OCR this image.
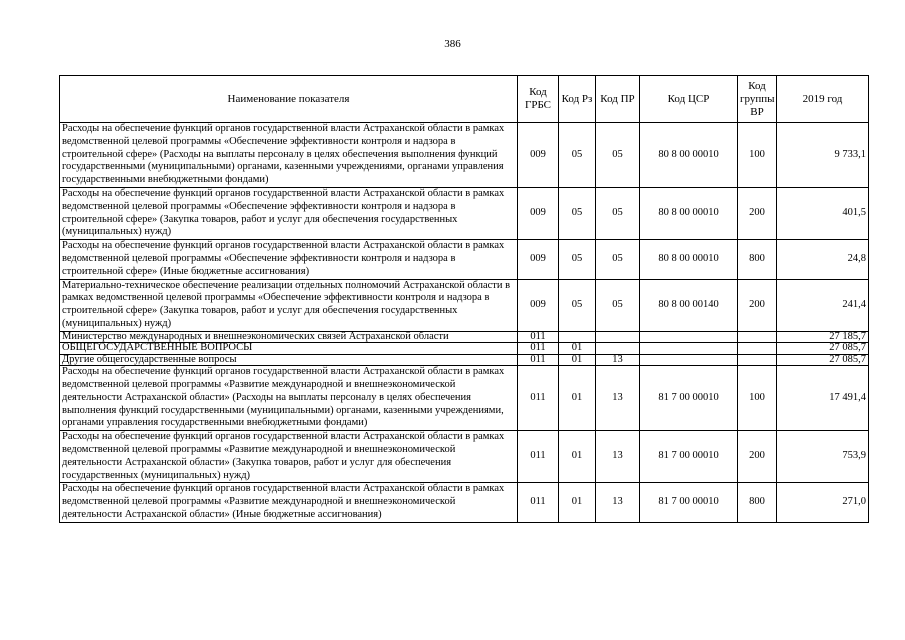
386
Наименование показателя	Код ГРБС	Код Рз	Код ПР	Код ЦСР	Код группы ВР	2019 год
Расходы на обеспечение функций органов государственной власти Астраханской области в рамках ведомственной целевой программы «Обеспечение эффективности контроля и надзора в строительной сфере» (Расходы на выплаты персоналу в целях обеспечения выполнения функций государственными (муниципальными) органами, казенными учреждениями, органами управления государственными внебюджетными фондами)	009	05	05	80 8 00 00010	100	9 733,1
Расходы на обеспечение функций органов государственной власти Астраханской области в рамках ведомственной целевой программы «Обеспечение эффективности контроля и надзора в строительной сфере» (Закупка товаров, работ и услуг для обеспечения государственных (муниципальных) нужд)	009	05	05	80 8 00 00010	200	401,5
Расходы на обеспечение функций органов государственной власти Астраханской области в рамках ведомственной целевой программы «Обеспечение эффективности контроля и надзора в строительной сфере» (Иные бюджетные ассигнования)	009	05	05	80 8 00 00010	800	24,8
Материально-техническое обеспечение реализации отдельных полномочий Астраханской области в рамках ведомственной целевой программы «Обеспечение эффективности контроля и надзора в строительной сфере» (Закупка товаров, работ и услуг для обеспечения государственных (муниципальных) нужд)	009	05	05	80 8 00 00140	200	241,4
Министерство международных и внешнеэкономических связей Астраханской области	011					27 185,7
ОБЩЕГОСУДАРСТВЕННЫЕ ВОПРОСЫ	011	01				27 085,7
Другие общегосударственные вопросы	011	01	13			27 085,7
Расходы на обеспечение функций органов государственной власти Астраханской области в рамках ведомственной целевой программы «Развитие международной и внешнеэкономической деятельности Астраханской области» (Расходы на выплаты персоналу в целях обеспечения выполнения функций государственными (муниципальными) органами, казенными учреждениями, органами управления государственными внебюджетными фондами)	011	01	13	81 7 00 00010	100	17 491,4
Расходы на обеспечение функций органов государственной власти Астраханской области в рамках ведомственной целевой программы «Развитие международной и внешнеэкономической деятельности Астраханской области» (Закупка товаров, работ и услуг для обеспечения государственных (муниципальных) нужд)	011	01	13	81 7 00 00010	200	753,9
Расходы на обеспечение функций органов государственной власти Астраханской области в рамках ведомственной целевой программы «Развитие международной и внешнеэкономической деятельности Астраханской области» (Иные бюджетные ассигнования)	011	01	13	81 7 00 00010	800	271,0
